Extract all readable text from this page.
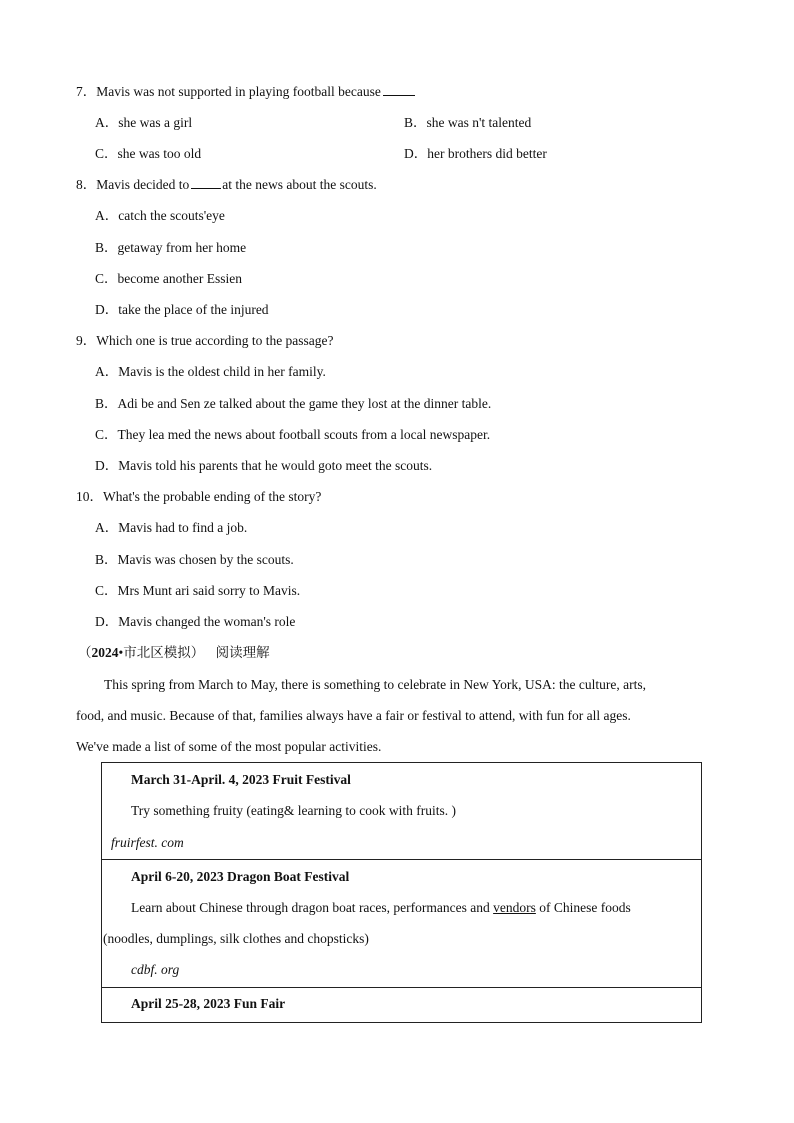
7．Mavis was not supported in playing football because
A．she was a girl	B．she was n't talented
C．she was too old	D．her brothers did better
8．Mavis decided to at the news about the scouts.
A．catch the scouts'eye
B．getaway from her home
C．become another Essien
D．take the place of the injured
9．Which one is true according to the passage?
A．Mavis is the oldest child in her family.
B．Adi be and Sen ze talked about the game they lost at the dinner table.
C．They lea med the news about football scouts from a local newspaper.
D．Mavis told his parents that he would goto meet the scouts.
10．What's the probable ending of the story?
A．Mavis had to find a job.
B．Mavis was chosen by the scouts.
C．Mrs Munt ari said sorry to Mavis.
D．Mavis changed the woman's role
（2024•市北区模拟） 阅读理解
This spring from March to May, there is something to celebrate in New York, USA: the culture, arts,
food, and music. Because of that, families always have a fair or festival to attend, with fun for all ages.
We've made a list of some of the most popular activities.
March 31-April. 4, 2023 Fruit Festival
Try something fruity (eating& learning to cook with fruits. )
fruirfest. com

April 6-20, 2023 Dragon Boat Festival
Learn about Chinese through dragon boat races, performances and vendors of Chinese foods
(noodles, dumplings, silk clothes and chopsticks)
cdbf. org

April 25-28, 2023 Fun Fair
